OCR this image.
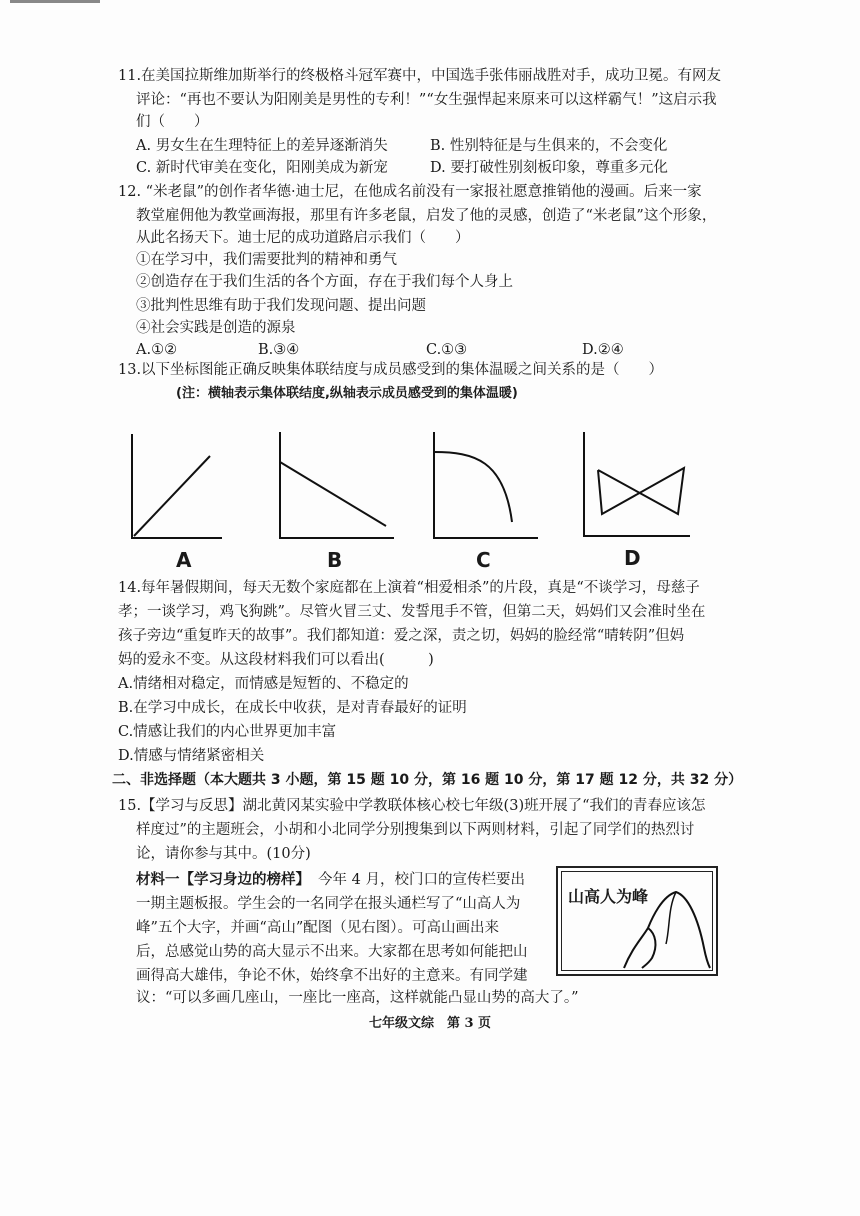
11.在美国拉斯维加斯举行的终极格斗冠军赛中，中国选手张伟丽战胜对手，成功卫冕。有网友
评论：“再也不要认为阳刚美是男性的专利！”“女生强悍起来原来可以这样霸气！”这启示我
们（　　）
A. 男女生在生理特征上的差异逐渐消失	B. 性别特征是与生俱来的，不会变化
C. 新时代审美在变化，阳刚美成为新宠	D. 要打破性别刻板印象，尊重多元化
12. “米老鼠”的创作者华德·迪士尼，在他成名前没有一家报社愿意推销他的漫画。后来一家
教堂雇佣他为教堂画海报，那里有许多老鼠，启发了他的灵感，创造了“米老鼠”这个形象，
从此名扬天下。迪士尼的成功道路启示我们（　　）
①在学习中，我们需要批判的精神和勇气
②创造存在于我们生活的各个方面，存在于我们每个人身上
③批判性思维有助于我们发现问题、提出问题
④社会实践是创造的源泉
A.①②	B.③④	C.①③	D.②④
13.以下坐标图能正确反映集体联结度与成员感受到的集体温暖之间关系的是（　　）
(注：横轴表示集体联结度,纵轴表示成员感受到的集体温暖)
A	B	C	D
14.每年暑假期间，每天无数个家庭都在上演着“相爱相杀”的片段，真是“不谈学习，母慈子
孝；一谈学习，鸡飞狗跳”。尽管火冒三丈、发誓甩手不管，但第二天，妈妈们又会准时坐在
孩子旁边“重复昨天的故事”。我们都知道：爱之深，责之切，妈妈的脸经常“晴转阴”但妈
妈的爱永不变。从这段材料我们可以看出(　　　)
A.情绪相对稳定，而情感是短暂的、不稳定的
B.在学习中成长，在成长中收获，是对青春最好的证明
C.情感让我们的内心世界更加丰富
D.情感与情绪紧密相关
二、非选择题（本大题共 3 小题，第 15 题 10 分，第 16 题 10 分，第 17 题 12 分，共 32 分）
15.【学习与反思】湖北黄冈某实验中学教联体核心校七年级(3)班开展了“我们的青春应该怎
样度过”的主题班会，小胡和小北同学分别搜集到以下两则材料，引起了同学们的热烈讨
论，请你参与其中。(10分)
材料一【学习身边的榜样】 今年 4 月，校门口的宣传栏要出
一期主题板报。学生会的一名同学在报头通栏写了“山高人为
峰”五个大字，并画“高山”配图（见右图）。可高山画出来
后，总感觉山势的高大显示不出来。大家都在思考如何能把山
画得高大雄伟，争论不休，始终拿不出好的主意来。有同学建
议：“可以多画几座山，一座比一座高，这样就能凸显山势的高大了。”
山高人为峰
七年级文综　第 3 页
